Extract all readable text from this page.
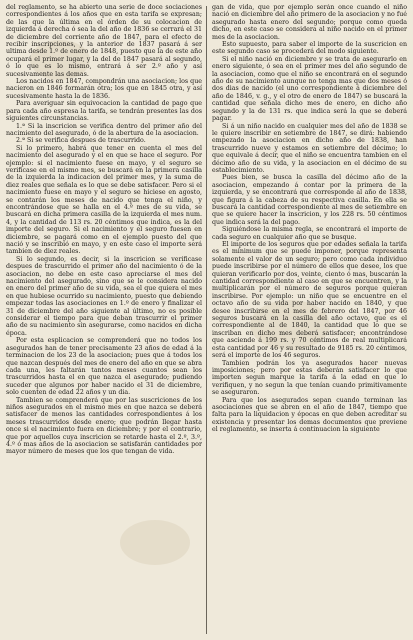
del reglamento, se ha abierto una serie de doce sociaciones correspondientes á los años que en esta tarifa se expresan; de las que la última en el órden de su colocacion de izquierda á derecha ó sea la del año de 1836 se cerrará el 31 de diciembre del corriente año de 1847, para el efecto de recibir inscripciones, y la anterior de 1837 pasará á ser ultima desde 1.º de enero de 1848, puesto que la de este año ocupará el primer lugar, y la del de 1847 pasará al segundo, ó lo que es lo mismo, entrará á ser 2.º año y así sucesivamente las demas.

Los nacidos en 1847, compondrán una asociacion; los que nacieron en 1846 formarán otra; los que en 1845 otra, y así sucesivamente hasta la de 1836.

Para averiguar sin equivocacion la cantidad de pago que para cada año espresa la tarifa, se tendrán presentes las dos siguientes circunstancias.

1.ª Si la inscricion se verifica dentro del primer año del nacimiento del asegurado, ó de la abertura de la asociacion.

2.ª Si se verifica despues de trascurrido.

Si lo primero, habrá que tener en cuenta el mes del nacimiento del asegurado y el en que se hace el seguro. Por ejemplo: si el nacimiento fuese en mayo, y el seguro se verificase en el mismo mes, se buscará en la primera casilla de la izquierda la indicacion del primer mes, y la suma de diez reales que señala es lo que se debe satisfacer. Pero si el nacimiento fuese en mayo y el seguro se hiciese en agosto, se contarán los meses de nacido que tenga el niño, y encontrándose que se halla en el 4.º mes de su vida, se buscará en dicha primera casilla de la izquierda el mes num. 4, y la cantidad de 113 rs. 20 céntimos que indica, es la del importe del seguro. Si el nacimiento y el seguro fuesen en diciembre, se pagará como en el ejemplo puesto del que nació y se inscribió en mayo, y en este caso el importe será tambien de diez reales.

Si lo segundo, es decir, si la inscricion se verificase despues de trascurrido el primer año del nacimiento ó de la asociacion, no debe en este caso apreciarse el mes del nacimiento del asegurado, sino que se le considera nacido en enero del primer año de su vida, sea el que quiera el mes en que hubiese ocurrido su nacimiento, puesto que debiendo empezar todas las asociaciones en 1.º de enero y finalizar el 31 de diciembre del año siguiente al último, no es posible considerar el tiempo para que deban trascurrir el primer año de su nacimiento sin asegurarse, como nacidos en dicha época.

Por esta esplicacion se comprenderá que no todos los asegurados han de tener precisamente 23 años de edad á la terminacion de los 23 de la asociacion; pues que á todos los que nazcan después del mes de enero del año en que se abra cada una, les faltarán tantos meses cuantos sean los trascurridos hasta el en que nazca el asegurado; pudiendo suceder que algunos por haber nacido el 31 de diciembre, solo cuenten de edad 22 años y un dia.

Tambien se comprenderá que por las suscriciones de los niños asegurados en el mismo mes en que nazca se deberá satisfacer de menos las cantidades correspondientes á los meses trascurridos desde enero; que podrán llegar hasta once si el nacimiento fuera en diciembre; y por el contrario, que por aquellos cuya inscricion se retarde hasta el 2.º, 3.º, 4.º ó mas años de la asociacion se satisfarán cantidades por mayor número de meses que los que tengan de vida.

gan de vida, que por ejemplo serán once cuando el niño nació en diciembre del año primero de la asociacion y no fué asegurado hasta enero del segundo; porque como queda dicho, en este caso se considera al niño nacido en el primer mes de la asociacion.

Esto supuesto, para saber el importe de la suscricion en este segundo caso se procederá del modo siguiente.

Si el niño nació en diciembre y se trata de asegurarlo en enero siguiente, ó sea en el primer mes del año segundo de la asociacion, como que el niño se encontrará en el segundo año de su nacimiento aunque no tenga mas que dos meses ó dos dias de nacido (el uno correspondiente á diciembre del año de 1846, v. g., y el otro de enero de 1847) se buscará la cantidad que señala dicho mes de enero, en dicho año segundo y la de 131 rs. que indica será la que se deberá pagar.

Si á un niño nacido en cualquier mes del año de 1838 se le quiere inscribir en setiembre de 1847, se dirá: habiendo empezado la asociacion en dicho año de 1838, han trascurrido nueve y estamos en setiembre del décimo; lo que equivale á decir, que el niño se encuentra tambien en el décimo año de su vida, y la asociacion en el décimo de su establecimiento.

Pues bien, se busca la casilla del décimo año de la asociacion, empezando á contar por la primera de la izquierda, y se encontrará que corresponde al año de 1838, que figura á la cabeza de su respectiva casilla. En ella se buscará la cantidad correspondiente al mes de setiembre en que se quiere hacer la inscricion, y los 228 rs. 50 céntimos que indica será la del pago.

Siguiéndose la misma regla, se encontrará el importe de cada seguro en cualquier año que se busque.

El importe de los seguros que por edades señala la tarifa es el mínimum que se puede imponer, porque representa solamente el valor de un seguro; pero como cada individuo puede inscribirse por el número de ellos que desee, los que quieran verificarlo por dos, veinte, ciento ó mas, buscarán la cantidad correspondiente al caso en que se encuentren, y la multiplicarán por el número de seguros porque quieran inscribirse. Por ejemplo: un niño que se encuentre en el octavo año de su vida por haber nacido en 1840, y que desee inscribirse en el mes de febrero del 1847, por 46 seguros buscará en la casilla del año octavo, que es el correspondiente al de 1840, la cantidad que lo que se inscriban en dicho mes deberá satisfacer; encontrándose que asciende á 199 rs. y 70 céntimos de real multiplicará esta cantidad por 46 y su resultado de 9185 rs. 20 céntimos, será el importe de los 46 seguros.

Tambien podrán los ya asegurados hacer nuevas imposiciones; pero por estas deberán satisfacer lo que importen segun marque la tarifa á la edad en que lo verifiquen, y no segun la que tenían cuando primitivamente se aseguraron.

Para que los asegurados sepan cuando terminan las asociaciones que se abren en el año de 1847, tiempo que falta para la liquidacion y épocas en que deben acreditar su existencia y presentar los demas documentos que previene el reglamento, se inserta á continuacion la siguiente
